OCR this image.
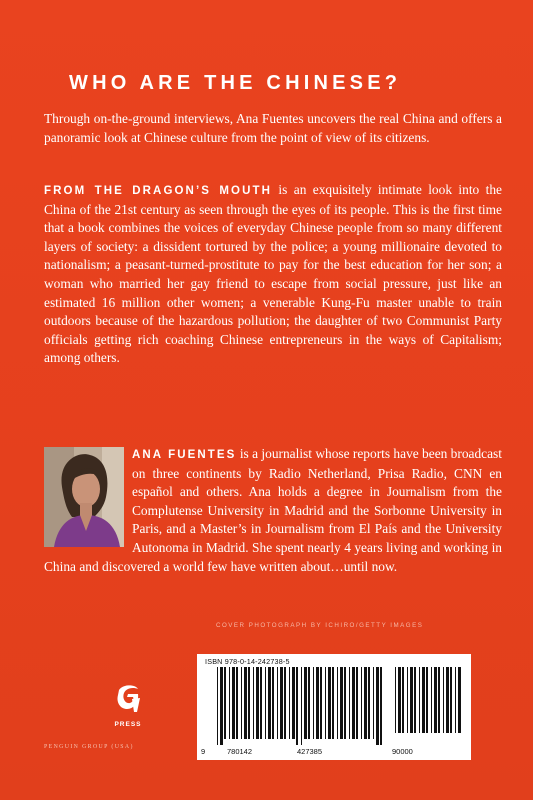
WHO ARE THE CHINESE?

Through on-the-ground interviews, Ana Fuentes uncovers the real China and offers a panoramic look at Chinese culture from the point of view of its citizens.

FROM THE DRAGON’S MOUTH is an exquisitely intimate look into the China of the 21st century as seen through the eyes of its people. This is the first time that a book combines the voices of everyday Chinese people from so many different layers of society: a dissident tortured by the police; a young millionaire devoted to nationalism; a peasant-turned-prostitute to pay for the best education for her son; a woman who married her gay friend to escape from social pressure, just like an estimated 16 million other women; a venerable Kung-Fu master unable to train outdoors because of the hazardous pollution; the daughter of two Communist Party officials getting rich coaching Chinese entrepreneurs in the ways of Capitalism; among others.

ANA FUENTES is a journalist whose reports have been broadcast on three continents by Radio Netherland, Prisa Radio, CNN en español and others. Ana holds a degree in Journalism from the Complutense University in Madrid and the Sorbonne University in Paris, and a Master’s in Journalism from El País and the University Autonoma in Madrid. She spent nearly 4 years living and working in China and discovered a world few have written about…until now.

COVER PHOTOGRAPH BY ICHIRO/GETTY IMAGES
PRESS
PENGUIN GROUP (USA)
ISBN 978-0-14-242738-5
9	780142	427385	90000
